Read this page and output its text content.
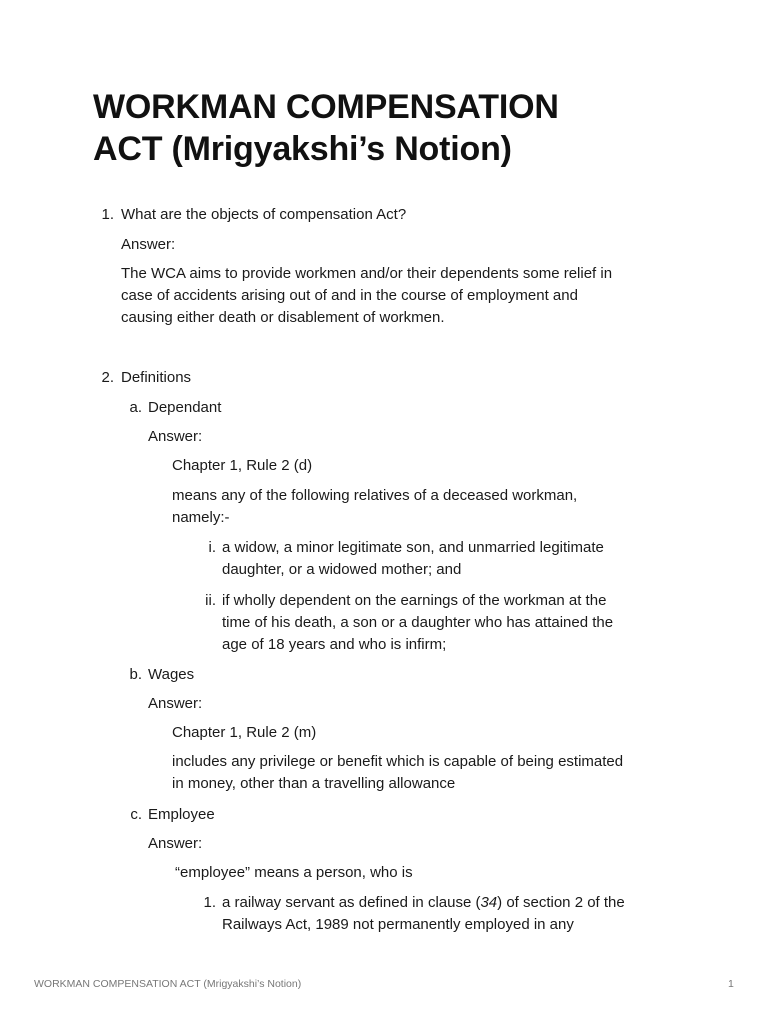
WORKMAN COMPENSATION
ACT (Mrigyakshi’s Notion)
1. What are the objects of compensation Act?

Answer:

The WCA aims to provide workmen and/or their dependents some relief in

case of accidents arising out of and in the course of employment and

causing either death or disablement of workmen.

2. Definitions

a. Dependant

Answer:

Chapter 1, Rule 2 (d)

means any of the following relatives of a deceased workman,

namely:-

i. a widow, a minor legitimate son, and unmarried legitimate

daughter, or a widowed mother; and

ii. if wholly dependent on the earnings of the workman at the

time of his death, a son or a daughter who has attained the

age of 18 years and who is infirm;

b. Wages

Answer:

Chapter 1, Rule 2 (m)

includes any privilege or benefit which is capable of being estimated

in money, other than a travelling allowance

c. Employee

Answer:

“employee” means a person, who is

1. a railway servant as defined in clause (34) of section 2 of the

Railways Act, 1989 not permanently employed in any

WORKMAN COMPENSATION ACT (Mrigyakshi’s Notion)	1
